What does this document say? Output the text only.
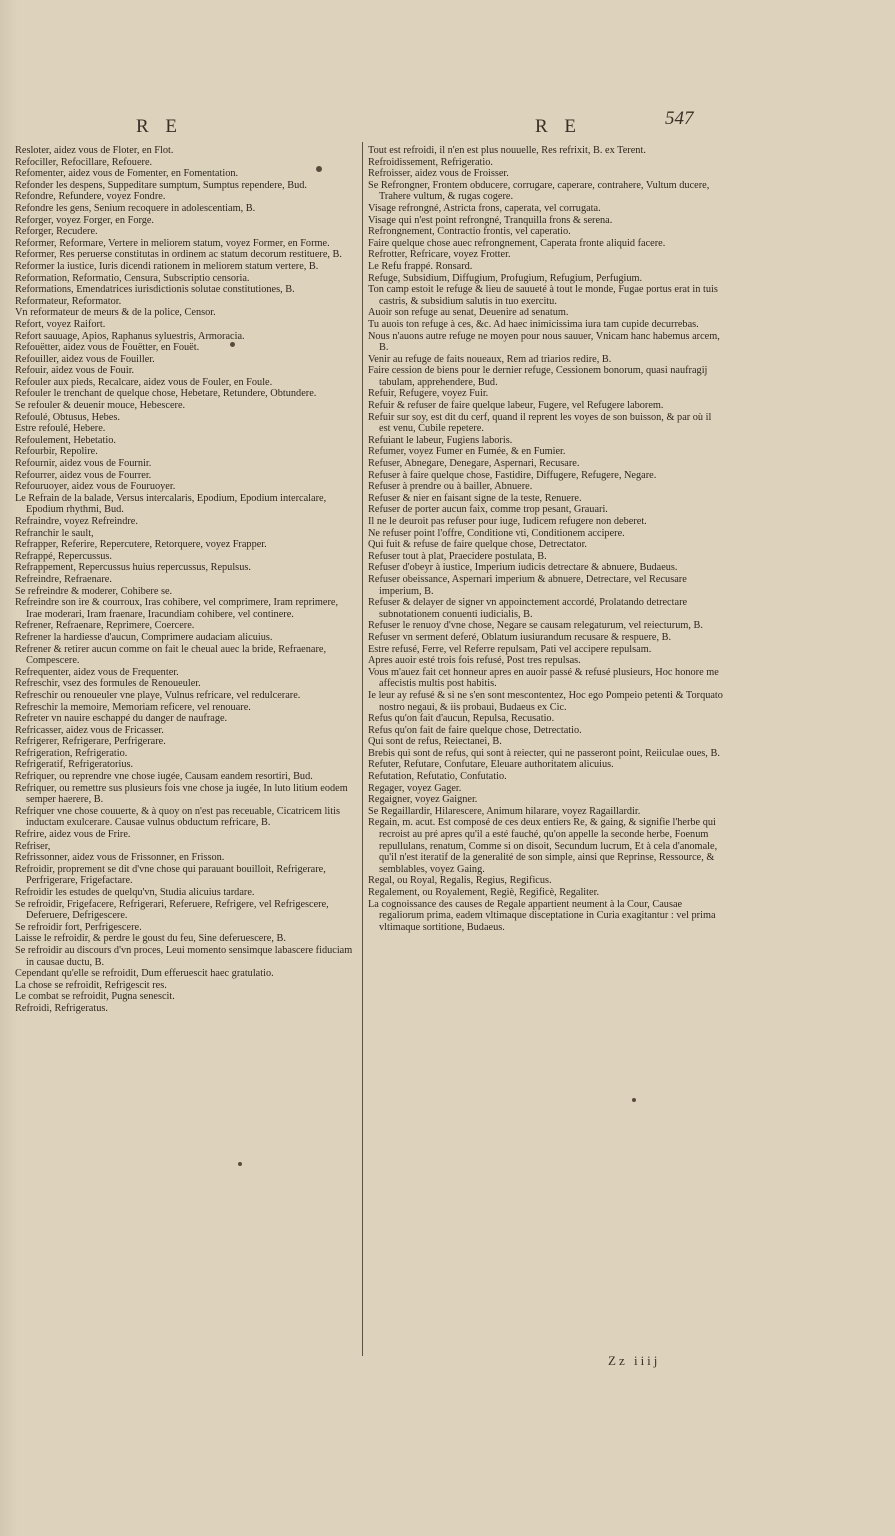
R E	R E	547

Resloter, aidez vous de Floter, en Flot.

Refociller, Refocillare, Refouere.

Refomenter, aidez vous de Fomenter, en Fomentation.

Refonder les despens, Suppeditare sumptum, Sumptus rependere, Bud.

Refondre, Refundere, voyez Fondre.

Refondre les gens, Senium recoquere in adolescentiam, B.

Reforger, voyez Forger, en Forge.

Reforger, Recudere.

Reformer, Reformare, Vertere in meliorem statum, voyez Former, en Forme.

Reformer, Res peruerse constitutas in ordinem ac statum decorum restituere, B.

Reformer la iustice, Iuris dicendi rationem in meliorem statum vertere, B.

Reformation, Reformatio, Censura, Subscriptio censoria.

Reformations, Emendatrices iurisdictionis solutae constitutiones, B.

Reformateur, Reformator.

Vn reformateur de meurs & de la police, Censor.

Refort, voyez Raifort.

Refort sauuage, Apios, Raphanus syluestris, Armoracia.

Refouëtter, aidez vous de Fouëtter, en Fouët.

Refouiller, aidez vous de Fouiller.

Refouir, aidez vous de Fouir.

Refouler aux pieds, Recalcare, aidez vous de Fouler, en Foule.

Refouler le trenchant de quelque chose, Hebetare, Retundere, Obtundere.

Se refouler & deuenir mouce, Hebescere.

Refoulé, Obtusus, Hebes.

Estre refoulé, Hebere.

Refoulement, Hebetatio.

Refourbir, Repolire.

Refournir, aidez vous de Fournir.

Refourrer, aidez vous de Fourrer.

Refouruoyer, aidez vous de Fouruoyer.

Le Refrain de la balade, Versus intercalaris, Epodium, Epodium intercalare, Epodium rhythmi, Bud.

Refraindre, voyez Refreindre.

Refranchir le sault,

Refrapper, Referire, Repercutere, Retorquere, voyez Frapper.

Refrappé, Repercussus.

Refrappement, Repercussus huius repercussus, Repulsus.

Refreindre, Refraenare.

Se refreindre & moderer, Cohibere se.

Refreindre son ire & courroux, Iras cohibere, vel comprimere, Iram reprimere, Irae moderari, Iram fraenare, Iracundiam cohibere, vel continere.

Refrener, Refraenare, Reprimere, Coercere.

Refrener la hardiesse d'aucun, Comprimere audaciam alicuius.

Refrener & retirer aucun comme on fait le cheual auec la bride, Refraenare, Compescere.

Refrequenter, aidez vous de Frequenter.

Refreschir, vsez des formules de Renoueuler.

Refreschir ou renoueuler vne playe, Vulnus refricare, vel redulcerare.

Refreschir la memoire, Memoriam reficere, vel renouare.

Refreter vn nauire eschappé du danger de naufrage.

Refricasser, aidez vous de Fricasser.

Refrigerer, Refrigerare, Perfrigerare.

Refrigeration, Refrigeratio.

Refrigeratif, Refrigeratorius.

Refriquer, ou reprendre vne chose iugée, Causam eandem resortiri, Bud.

Refriquer, ou remettre sus plusieurs fois vne chose ja iugée, In luto litium eodem semper haerere, B.

Refriquer vne chose couuerte, & à quoy on n'est pas receuable, Cicatricem litis inductam exulcerare. Causae vulnus obductum refricare, B.

Refrire, aidez vous de Frire.

Refriser,

Refrissonner, aidez vous de Frissonner, en Frisson.

Refroidir, proprement se dit d'vne chose qui parauant bouilloit, Refrigerare, Perfrigerare, Frigefactare.

Refroidir les estudes de quelqu'vn, Studia alicuius tardare.

Se refroidir, Frigefacere, Refrigerari, Referuere, Refrigere, vel Refrigescere, Deferuere, Defrigescere.

Se refroidir fort, Perfrigescere.

Laisse le refroidir, & perdre le goust du feu, Sine deferuescere, B.

Se refroidir au discours d'vn proces, Leui momento sensimque labascere fiduciam in causae ductu, B.

Cependant qu'elle se refroidit, Dum efferuescit haec gratulatio.

La chose se refroidit, Refrigescit res.

Le combat se refroidit, Pugna senescit.

Refroidi, Refrigeratus.

Tout est refroidi, il n'en est plus nouuelle, Res refrixit, B. ex Terent.

Refroidissement, Refrigeratio.

Refroisser, aidez vous de Froisser.

Se Refrongner, Frontem obducere, corrugare, caperare, contrahere, Vultum ducere, Trahere vultum, & rugas cogere.

Visage refrongné, Astricta frons, caperata, vel corrugata.

Visage qui n'est point refrongné, Tranquilla frons & serena.

Refrongnement, Contractio frontis, vel caperatio.

Faire quelque chose auec refrongnement, Caperata fronte aliquid facere.

Refrotter, Refricare, voyez Frotter.

Le Refu frappé. Ronsard.

Refuge, Subsidium, Diffugium, Profugium, Refugium, Perfugium.

Ton camp estoit le refuge & lieu de sauueté à tout le monde, Fugae portus erat in tuis castris, & subsidium salutis in tuo exercitu.

Auoir son refuge au senat, Deuenire ad senatum.

Tu auois ton refuge à ces, &c. Ad haec inimicissima iura tam cupide decurrebas.

Nous n'auons autre refuge ne moyen pour nous sauuer, Vnicam hanc habemus arcem, B.

Venir au refuge de faits noueaux, Rem ad triarios redire, B.

Faire cession de biens pour le dernier refuge, Cessionem bonorum, quasi naufragij tabulam, apprehendere, Bud.

Refuir, Refugere, voyez Fuir.

Refuir & refuser de faire quelque labeur, Fugere, vel Refugere laborem.

Refuir sur soy, est dit du cerf, quand il reprent les voyes de son buisson, & par où il est venu, Cubile repetere.

Refuiant le labeur, Fugiens laboris.

Refumer, voyez Fumer en Fumée, & en Fumier.

Refuser, Abnegare, Denegare, Aspernari, Recusare.

Refuser à faire quelque chose, Fastidire, Diffugere, Refugere, Negare.

Refuser à prendre ou à bailler, Abnuere.

Refuser & nier en faisant signe de la teste, Renuere.

Refuser de porter aucun faix, comme trop pesant, Grauari.

Il ne le deuroit pas refuser pour iuge, Iudicem refugere non deberet.

Ne refuser point l'offre, Conditione vti, Conditionem accipere.

Qui fuit & refuse de faire quelque chose, Detrectator.

Refuser tout à plat, Praecidere postulata, B.

Refuser d'obeyr à iustice, Imperium iudicis detrectare & abnuere, Budaeus.

Refuser obeissance, Aspernari imperium & abnuere, Detrectare, vel Recusare imperium, B.

Refuser & delayer de signer vn appoinctement accordé, Prolatando detrectare subnotationem conuenti iudicialis, B.

Refuser le renuoy d'vne chose, Negare se causam relegaturum, vel reiecturum, B.

Refuser vn serment deferé, Oblatum iusiurandum recusare & respuere, B.

Estre refusé, Ferre, vel Referre repulsam, Pati vel accipere repulsam.

Apres auoir esté trois fois refusé, Post tres repulsas.

Vous m'auez fait cet honneur apres en auoir passé & refusé plusieurs, Hoc honore me affecistis multis post habitis.

Ie leur ay refusé & si ne s'en sont mescontentez, Hoc ego Pompeio petenti & Torquato nostro negaui, & iis probaui, Budaeus ex Cic.

Refus qu'on fait d'aucun, Repulsa, Recusatio.

Refus qu'on fait de faire quelque chose, Detrectatio.

Qui sont de refus, Reiectanei, B.

Brebis qui sont de refus, qui sont à reiecter, qui ne passeront point, Reiiculae oues, B.

Refuter, Refutare, Confutare, Eleuare authoritatem alicuius.

Refutation, Refutatio, Confutatio.

Regager, voyez Gager.

Regaigner, voyez Gaigner.

Se Regaillardir, Hilarescere, Animum hilarare, voyez Ragaillardir.

Regain, m. acut. Est composé de ces deux entiers Re, & gaing, & signifie l'herbe qui recroist au pré apres qu'il a esté fauché, qu'on appelle la seconde herbe, Foenum repullulans, renatum, Comme si on disoit, Secundum lucrum, Et à cela d'anomale, qu'il n'est iteratif de la generalité de son simple, ainsi que Reprinse, Ressource, & semblables, voyez Gaing.

Regal, ou Royal, Regalis, Regius, Regificus.

Regalement, ou Royalement, Regiè, Regificè, Regaliter.

La cognoissance des causes de Regale appartient neument à la Cour, Causae regaliorum prima, eadem vltimaque disceptatione in Curia exagitantur : vel prima vltimaque sortitione, Budaeus.

Zz iiij
